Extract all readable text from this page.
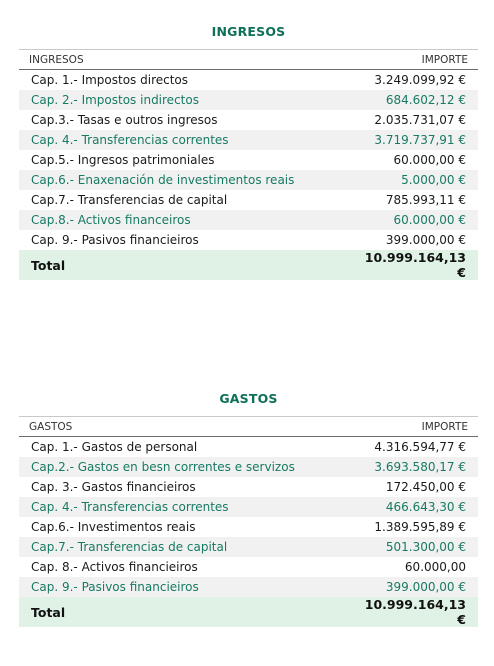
INGRESOS
INGRESOS	IMPORTE
Cap. 1.- Impostos directos	3.249.099,92 €
Cap. 2.- Impostos indirectos	684.602,12 €
Cap.3.- Tasas e outros ingresos	2.035.731,07 €
Cap. 4.- Transferencias correntes	3.719.737,91 €
Cap.5.- Ingresos patrimoniales	60.000,00 €
Cap.6.- Enaxenación de investimentos reais	5.000,00 €
Cap.7.- Transferencias de capital	785.993,11 €
Cap.8.- Activos financeiros	60.000,00 €
Cap. 9.- Pasivos financieiros	399.000,00 €
Total	10.999.164,13 €
GASTOS
GASTOS	IMPORTE
Cap. 1.- Gastos de personal	4.316.594,77 €
Cap.2.- Gastos en besn correntes e servizos	3.693.580,17 €
Cap. 3.- Gastos financieiros	172.450,00 €
Cap. 4.- Transferencias correntes	466.643,30 €
Cap.6.- Investimentos reais	1.389.595,89 €
Cap.7.- Transferencias de capital	501.300,00 €
Cap. 8.- Activos financieiros	60.000,00
Cap. 9.- Pasivos financieiros	399.000,00 €
Total	10.999.164,13 €
